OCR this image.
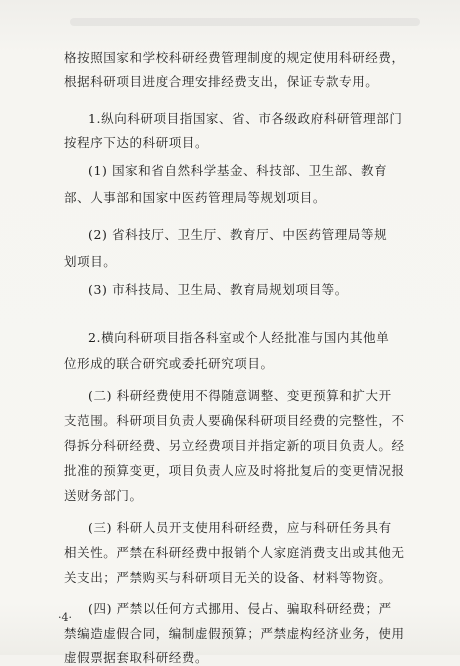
格按照国家和学校科研经费管理制度的规定使用科研经费，
根据科研项目进度合理安排经费支出，保证专款专用。
1.纵向科研项目指国家、省、市各级政府科研管理部门
按程序下达的科研项目。
(1) 国家和省自然科学基金、科技部、卫生部、教育
部、人事部和国家中医药管理局等规划项目。
(2) 省科技厅、卫生厅、教育厅、中医药管理局等规
划项目。
(3) 市科技局、卫生局、教育局规划项目等。
2.横向科研项目指各科室或个人经批准与国内其他单
位形成的联合研究或委托研究项目。
(二) 科研经费使用不得随意调整、变更预算和扩大开
支范围。科研项目负责人要确保科研项目经费的完整性，不
得拆分科研经费、另立经费项目并指定新的项目负责人。经
批准的预算变更，项目负责人应及时将批复后的变更情况报
送财务部门。
(三) 科研人员开支使用科研经费，应与科研任务具有
相关性。严禁在科研经费中报销个人家庭消费支出或其他无
关支出；严禁购买与科研项目无关的设备、材料等物资。
(四) 严禁以任何方式挪用、侵占、骗取科研经费；严
禁编造虚假合同，编制虚假预算；严禁虚构经济业务，使用
虚假票据套取科研经费。
·4·
